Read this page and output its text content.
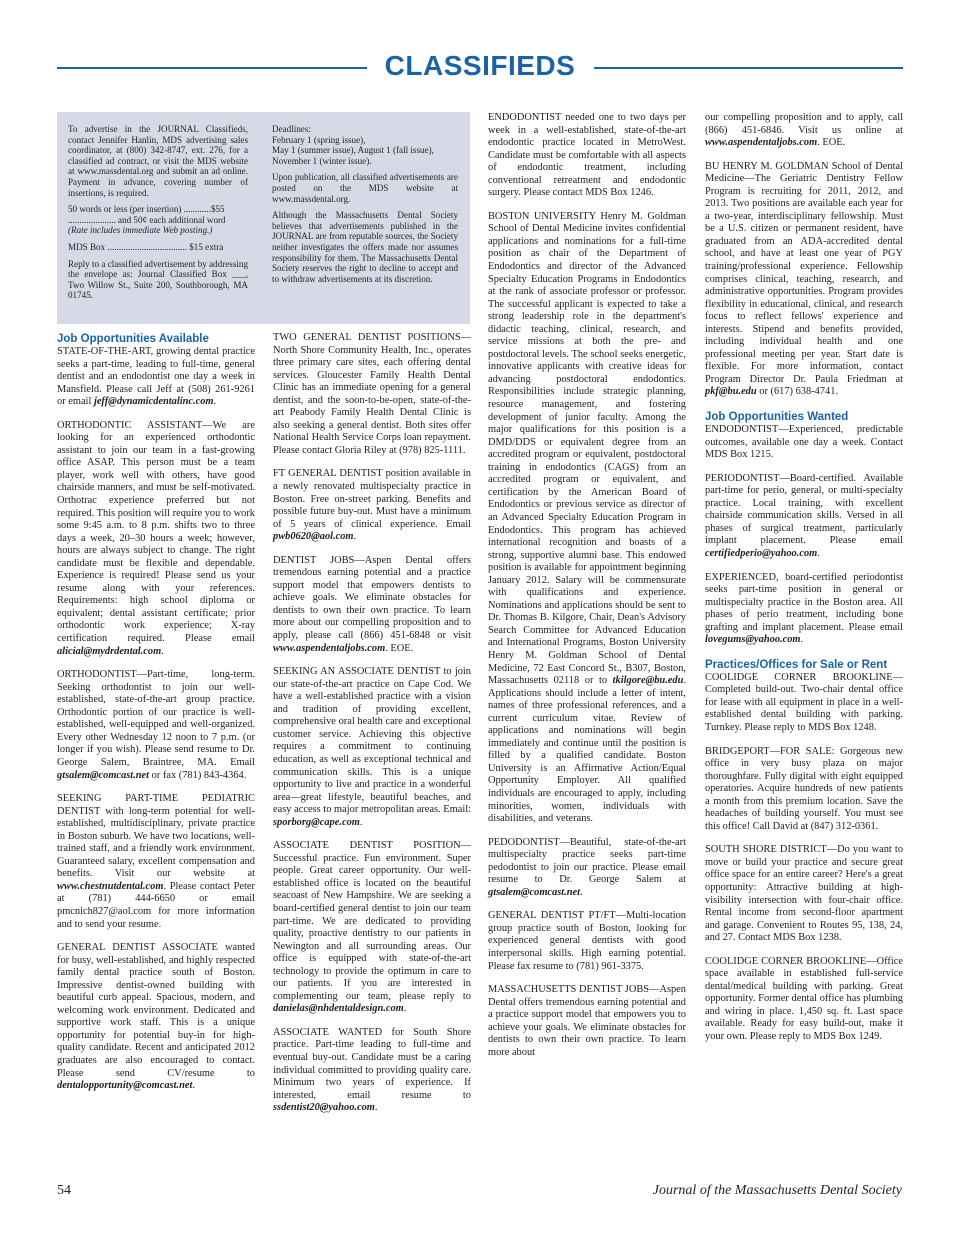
CLASSIFIEDS

To advertise in the JOURNAL Classifieds, contact Jennifer Hanlin, MDS advertising sales coordinator, at (800) 342-8747, ext. 276, for a classified ad contract, or visit the MDS website at www.massdental.org and submit an ad online. Payment in advance, covering number of insertions, is required.

50 words or less (per insertion) ............$55

..................... and 50¢ each additional word

(Rate includes immediate Web posting.)

MDS Box ................................... $15 extra

Reply to a classified advertisement by addressing the envelope as: Journal Classified Box ___, Two Willow St., Suite 200, Southborough, MA 01745.

Deadlines:

February 1 (spring issue),

May 1 (summer issue), August 1 (fall issue),

November 1 (winter issue).

Upon publication, all classified advertisements are posted on the MDS website at www.massdental.org.

Although the Massachusetts Dental Society believes that advertisements published in the JOURNAL are from reputable sources, the Society neither investigates the offers made nor assumes responsibility for them. The Massachusetts Dental Society reserves the right to decline to accept and to withdraw advertisements at its discretion.

Job Opportunities Available

STATE-OF-THE-ART, growing dental practice seeks a part-time, leading to full-time, general dentist and an endodontist one day a week in Mansfield. Please call Jeff at (508) 261-9261 or email jeff@dynamicdentalinc.com.

ORTHODONTIC ASSISTANT—We are looking for an experienced orthodontic assistant to join our team in a fast-growing office ASAP. This person must be a team player, work well with others, have good chairside manners, and must be self-motivated. Orthotrac experience preferred but not required. This position will require you to work some 9:45 a.m. to 8 p.m. shifts two to three days a week, 20–30 hours a week; however, hours are always subject to change. The right candidate must be flexible and dependable. Experience is required! Please send us your resume along with your references. Requirements: high school diploma or equivalent; dental assistant certificate; prior orthodontic work experience; X-ray certification required. Please email alicial@mydrdental.com.

ORTHODONTIST—Part-time, long-term. Seeking orthodontist to join our well-established, state-of-the-art group practice. Orthodontic portion of our practice is well-established, well-equipped and well-organized. Every other Wednesday 12 noon to 7 p.m. (or longer if you wish). Please send resume to Dr. George Salem, Braintree, MA. Email gtsalem@comcast.net or fax (781) 843-4364.

SEEKING PART-TIME PEDIATRIC DENTIST with long-term potential for well-established, multidisciplinary, private practice in Boston suburb. We have two locations, well-trained staff, and a friendly work environment. Guaranteed salary, excellent compensation and benefits. Visit our website at www.chestnutdental.com. Please contact Peter at (781) 444-6650 or email pmcnich827@aol.com for more information and to send your resume.

GENERAL DENTIST ASSOCIATE wanted for busy, well-established, and highly respected family dental practice south of Boston. Impressive dentist-owned building with beautiful curb appeal. Spacious, modern, and welcoming work environment. Dedicated and supportive work staff. This is a unique opportunity for potential buy-in for high-quality candidate. Recent and anticipated 2012 graduates are also encouraged to contact. Please send CV/resume to dentalopportunity@comcast.net.

TWO GENERAL DENTIST POSITIONS—North Shore Community Health, Inc., operates three primary care sites, each offering dental services. Gloucester Family Health Dental Clinic has an immediate opening for a general dentist, and the soon-to-be-open, state-of-the-art Peabody Family Health Dental Clinic is also seeking a general dentist. Both sites offer National Health Service Corps loan repayment. Please contact Gloria Riley at (978) 825-1111.

FT GENERAL DENTIST position available in a newly renovated multispecialty practice in Boston. Free on-street parking. Benefits and possible future buy-out. Must have a minimum of 5 years of clinical experience. Email pwb0620@aol.com.

DENTIST JOBS—Aspen Dental offers tremendous earning potential and a practice support model that empowers dentists to achieve goals. We eliminate obstacles for dentists to own their own practice. To learn more about our compelling proposition and to apply, please call (866) 451-6848 or visit www.aspendentaljobs.com. EOE.

SEEKING AN ASSOCIATE DENTIST to join our state-of-the-art practice on Cape Cod. We have a well-established practice with a vision and tradition of providing excellent, comprehensive oral health care and exceptional customer service. Achieving this objective requires a commitment to continuing education, as well as exceptional technical and communication skills. This is a unique opportunity to live and practice in a wonderful area—great lifestyle, beautiful beaches, and easy access to major metropolitan areas. Email: sporborg@cape.com.

ASSOCIATE DENTIST POSITION—Successful practice. Fun environment. Super people. Great career opportunity. Our well-established office is located on the beautiful seacoast of New Hampshire. We are seeking a board-certified general dentist to join our team part-time. We are dedicated to providing quality, proactive dentistry to our patients in Newington and all surrounding areas. Our office is equipped with state-of-the-art technology to provide the optimum in care to our patients. If you are interested in complementing our team, please reply to danielas@nhdentaldesign.com.

ASSOCIATE WANTED for South Shore practice. Part-time leading to full-time and eventual buy-out. Candidate must be a caring individual committed to providing quality care. Minimum two years of experience. If interested, email resume to ssdentist20@yahoo.com.

ENDODONTIST needed one to two days per week in a well-established, state-of-the-art endodontic practice located in MetroWest. Candidate must be comfortable with all aspects of endodontic treatment, including conventional retreatment and endodontic surgery. Please contact MDS Box 1246.

BOSTON UNIVERSITY Henry M. Goldman School of Dental Medicine invites confidential applications and nominations for a full-time position as chair of the Department of Endodontics and director of the Advanced Specialty Education Programs in Endodontics at the rank of associate professor or professor. The successful applicant is expected to take a strong leadership role in the department's didactic teaching, clinical, research, and service missions at both the pre- and postdoctoral levels. The school seeks energetic, innovative applicants with creative ideas for advancing postdoctoral endodontics. Responsibilities include strategic planning, resource management, and fostering development of junior faculty. Among the major qualifications for this position is a DMD/DDS or equivalent degree from an accredited program or equivalent, postdoctoral training in endodontics (CAGS) from an accredited program or equivalent, and certification by the American Board of Endodontics or previous service as director of an Advanced Specialty Education Program in Endodontics. This program has achieved international recognition and boasts of a strong, supportive alumni base. This endowed position is available for appointment beginning January 2012. Salary will be commensurate with qualifications and experience. Nominations and applications should be sent to Dr. Thomas B. Kilgore, Chair, Dean's Advisory Search Committee for Advanced Education and International Programs, Boston University Henry M. Goldman School of Dental Medicine, 72 East Concord St., B307, Boston, Massachusetts 02118 or to tkilgore@bu.edu. Applications should include a letter of intent, names of three professional references, and a current curriculum vitae. Review of applications and nominations will begin immediately and continue until the position is filled by a qualified candidate. Boston University is an Affirmative Action/Equal Opportunity Employer. All qualified individuals are encouraged to apply, including minorities, women, individuals with disabilities, and veterans.

PEDODONTIST—Beautiful, state-of-the-art multispecialty practice seeks part-time pedodontist to join our practice. Please email resume to Dr. George Salem at gtsalem@comcast.net.

GENERAL DENTIST PT/FT—Multi-location group practice south of Boston, looking for experienced general dentists with good interpersonal skills. High earning potential. Please fax resume to (781) 961-3375.

MASSACHUSETTS DENTIST JOBS—Aspen Dental offers tremendous earning potential and a practice support model that empowers you to achieve your goals. We eliminate obstacles for dentists to own their own practice. To learn more about

our compelling proposition and to apply, call (866) 451-6846. Visit us online at www.aspendentaljobs.com. EOE.

BU HENRY M. GOLDMAN School of Dental Medicine—The Geriatric Dentistry Fellow Program is recruiting for 2011, 2012, and 2013. Two positions are available each year for a two-year, interdisciplinary fellowship. Must be a U.S. citizen or permanent resident, have graduated from an ADA-accredited dental school, and have at least one year of PGY training/professional experience. Fellowship comprises clinical, teaching, research, and administrative opportunities. Program provides flexibility in educational, clinical, and research focus to reflect fellows' experience and interests. Stipend and benefits provided, including individual health and one professional meeting per year. Start date is flexible. For more information, contact Program Director Dr. Paula Friedman at pkf@bu.edu or (617) 638-4741.

Job Opportunities Wanted

ENDODONTIST—Experienced, predictable outcomes, available one day a week. Contact MDS Box 1215.

PERIODONTIST—Board-certified. Available part-time for perio, general, or multi-specialty practice. Local training, with excellent chairside communication skills. Versed in all phases of surgical treatment, particularly implant placement. Please email certifiedperio@yahoo.com.

EXPERIENCED, board-certified periodontist seeks part-time position in general or multispecialty practice in the Boston area. All phases of perio treatment, including bone grafting and implant placement. Please email lovegums@yahoo.com.

Practices/Offices for Sale or Rent

COOLIDGE CORNER BROOKLINE—Completed build-out. Two-chair dental office for lease with all equipment in place in a well-established dental building with parking. Turnkey. Please reply to MDS Box 1248.

BRIDGEPORT—FOR SALE: Gorgeous new office in very busy plaza on major thoroughfare. Fully digital with eight equipped operatories. Acquire hundreds of new patients a month from this premium location. Save the headaches of building yourself. You must see this office! Call David at (847) 312-0361.

SOUTH SHORE DISTRICT—Do you want to move or build your practice and secure great office space for an entire career? Here's a great opportunity: Attractive building at high-visibility intersection with four-chair office. Rental income from second-floor apartment and garage. Convenient to Routes 95, 138, 24, and 27. Contact MDS Box 1238.

COOLIDGE CORNER BROOKLINE—Office space available in established full-service dental/medical building with parking. Great opportunity. Former dental office has plumbing and wiring in place. 1,450 sq. ft. Last space available. Ready for easy build-out, make it your own. Please reply to MDS Box 1249.

54	Journal of the Massachusetts Dental Society
